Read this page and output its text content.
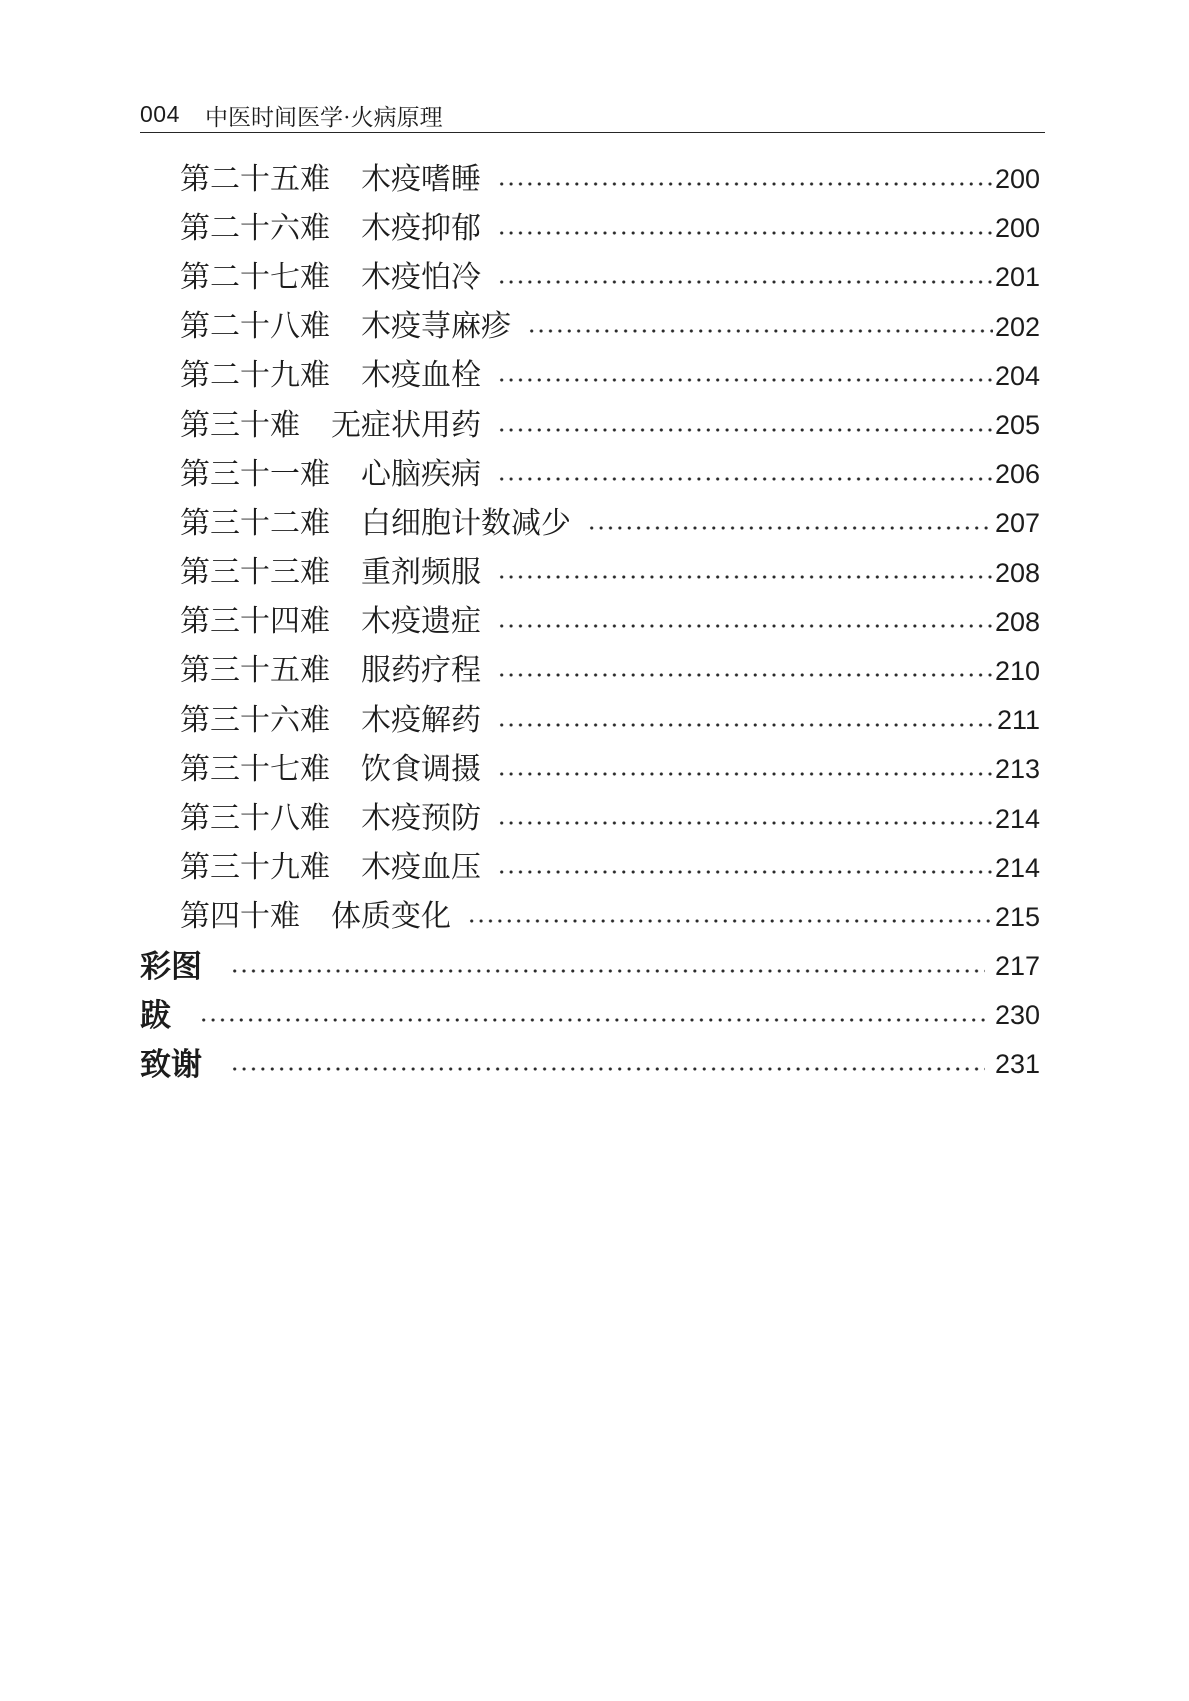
004 中医时间医学·火病原理
第二十五难 木疫嗜睡	200
第二十六难 木疫抑郁	200
第二十七难 木疫怕冷	201
第二十八难 木疫荨麻疹	202
第二十九难 木疫血栓	204
第三十难 无症状用药	205
第三十一难 心脑疾病	206
第三十二难 白细胞计数减少	207
第三十三难 重剂频服	208
第三十四难 木疫遗症	208
第三十五难 服药疗程	210
第三十六难 木疫解药	211
第三十七难 饮食调摄	213
第三十八难 木疫预防	214
第三十九难 木疫血压	214
第四十难 体质变化	215
彩图	217
跋	230
致谢	231
